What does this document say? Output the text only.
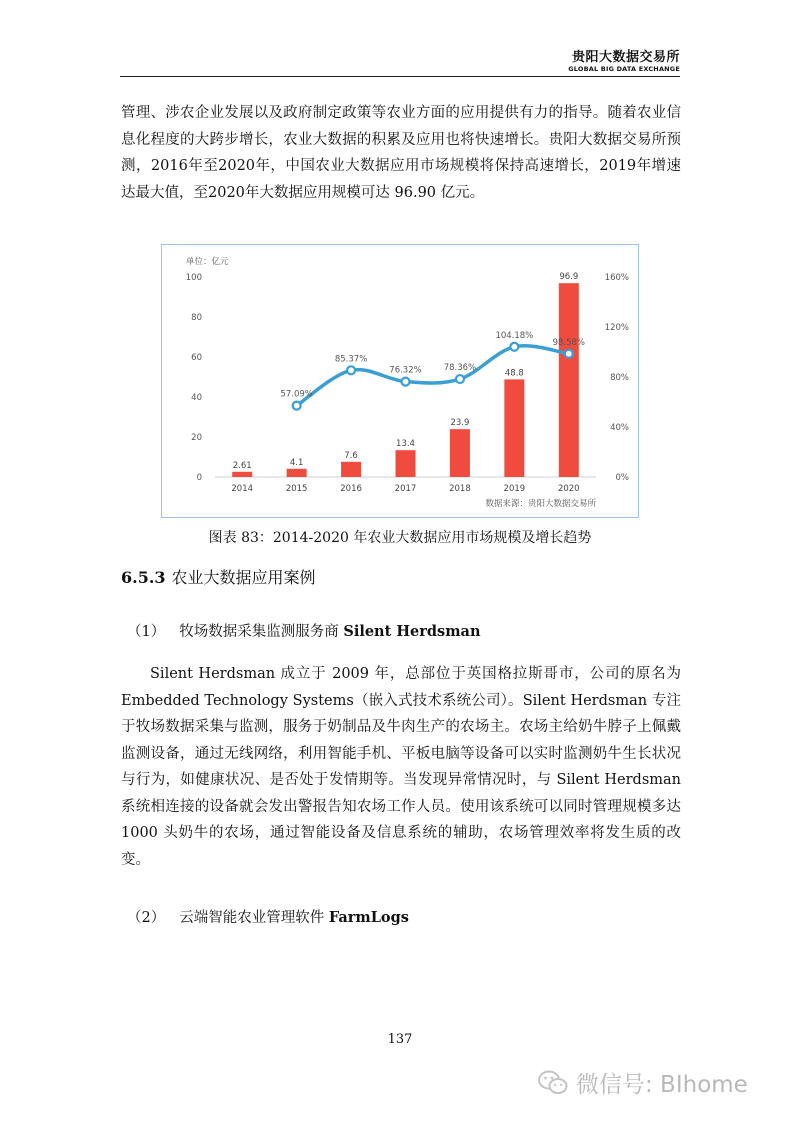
贵阳大数据交易所
GLOBAL BIG DATA EXCHANGE

管理、涉农企业发展以及政府制定政策等农业方面的应用提供有力的指导。随着农业信息化程度的大跨步增长，农业大数据的积累及应用也将快速增长。贵阳大数据交易所预测，2016年至2020年，中国农业大数据应用市场规模将保持高速增长，2019年增速达最大值，至2020年大数据应用规模可达 96.90 亿元。

单位：亿元
0
20
40
60
80
100
0%
40%
80%
120%
160%
2.61	4.1
7.6
13.4
23.9
48.8
96.9
2014	2015	2016	2017	2018	2019	2020
57.09%
85.37%
76.32%	78.36%
104.18%
98.58%
数据来源：贵阳大数据交易所
图表 83：2014-2020 年农业大数据应用市场规模及增长趋势
6.5.3 农业大数据应用案例
（1） 牧场数据采集监测服务商 Silent Herdsman

Silent Herdsman 成立于 2009 年，总部位于英国格拉斯哥市，公司的原名为 Embedded Technology Systems（嵌入式技术系统公司）。Silent Herdsman 专注于牧场数据采集与监测，服务于奶制品及牛肉生产的农场主。农场主给奶牛脖子上佩戴监测设备，通过无线网络，利用智能手机、平板电脑等设备可以实时监测奶牛生长状况与行为，如健康状况、是否处于发情期等。当发现异常情况时，与 Silent Herdsman 系统相连接的设备就会发出警报告知农场工作人员。使用该系统可以同时管理规模多达 1000 头奶牛的农场，通过智能设备及信息系统的辅助，农场管理效率将发生质的改变。

（2） 云端智能农业管理软件 FarmLogs
137
微信号: BIhome
